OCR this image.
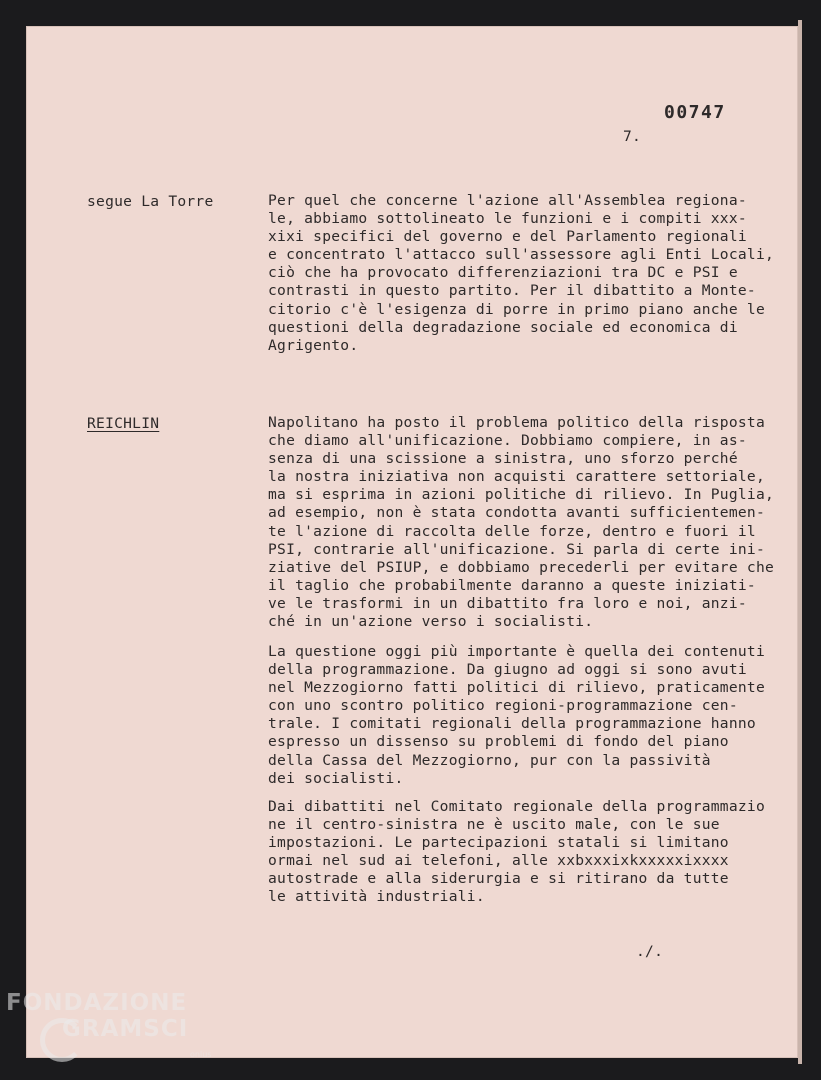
00747
7.
segue La Torre	Per quel che concerne l'azione all'Assemblea regiona-
le, abbiamo sottolineato le funzioni e i compiti xxx-
xixi specifici del governo e del Parlamento regionali
e concentrato l'attacco sull'assessore agli Enti Locali,
ciò che ha provocato differenziazioni tra DC e PSI e
contrasti in questo partito. Per il dibattito a Monte-
citorio c'è l'esigenza di porre in primo piano anche le
questioni della degradazione sociale ed economica di
Agrigento.
REICHLIN	Napolitano ha posto il problema politico della risposta
che diamo all'unificazione. Dobbiamo compiere, in as-
senza di una scissione a sinistra, uno sforzo perché
la nostra iniziativa non acquisti carattere settoriale,
ma si esprima in azioni politiche di rilievo. In Puglia,
ad esempio, non è stata condotta avanti sufficientemen-
te l'azione di raccolta delle forze, dentro e fuori il
PSI, contrarie all'unificazione. Si parla di certe ini-
ziative del PSIUP, e dobbiamo precederli per evitare che
il taglio che probabilmente daranno a queste iniziati-
ve le trasformi in un dibattito fra loro e noi, anzi-
ché in un'azione verso i socialisti.
La questione oggi più importante è quella dei contenuti
della programmazione. Da giugno ad oggi si sono avuti
nel Mezzogiorno fatti politici di rilievo, praticamente
con uno scontro politico regioni-programmazione cen-
trale. I comitati regionali della programmazione hanno
espresso un dissenso su problemi di fondo del piano
della Cassa del Mezzogiorno, pur con la passività
dei socialisti.
Dai dibattiti nel Comitato regionale della programmazio
ne il centro-sinistra ne è uscito male, con le sue
impostazioni. Le partecipazioni statali si limitano
ormai nel sud ai telefoni, alle xxbxxxixkxxxxxixxxx
autostrade e alla siderurgia e si ritirano da tutte
le attività industriali.
./.
FONDAZIONE
GRAMSCI
onlus
